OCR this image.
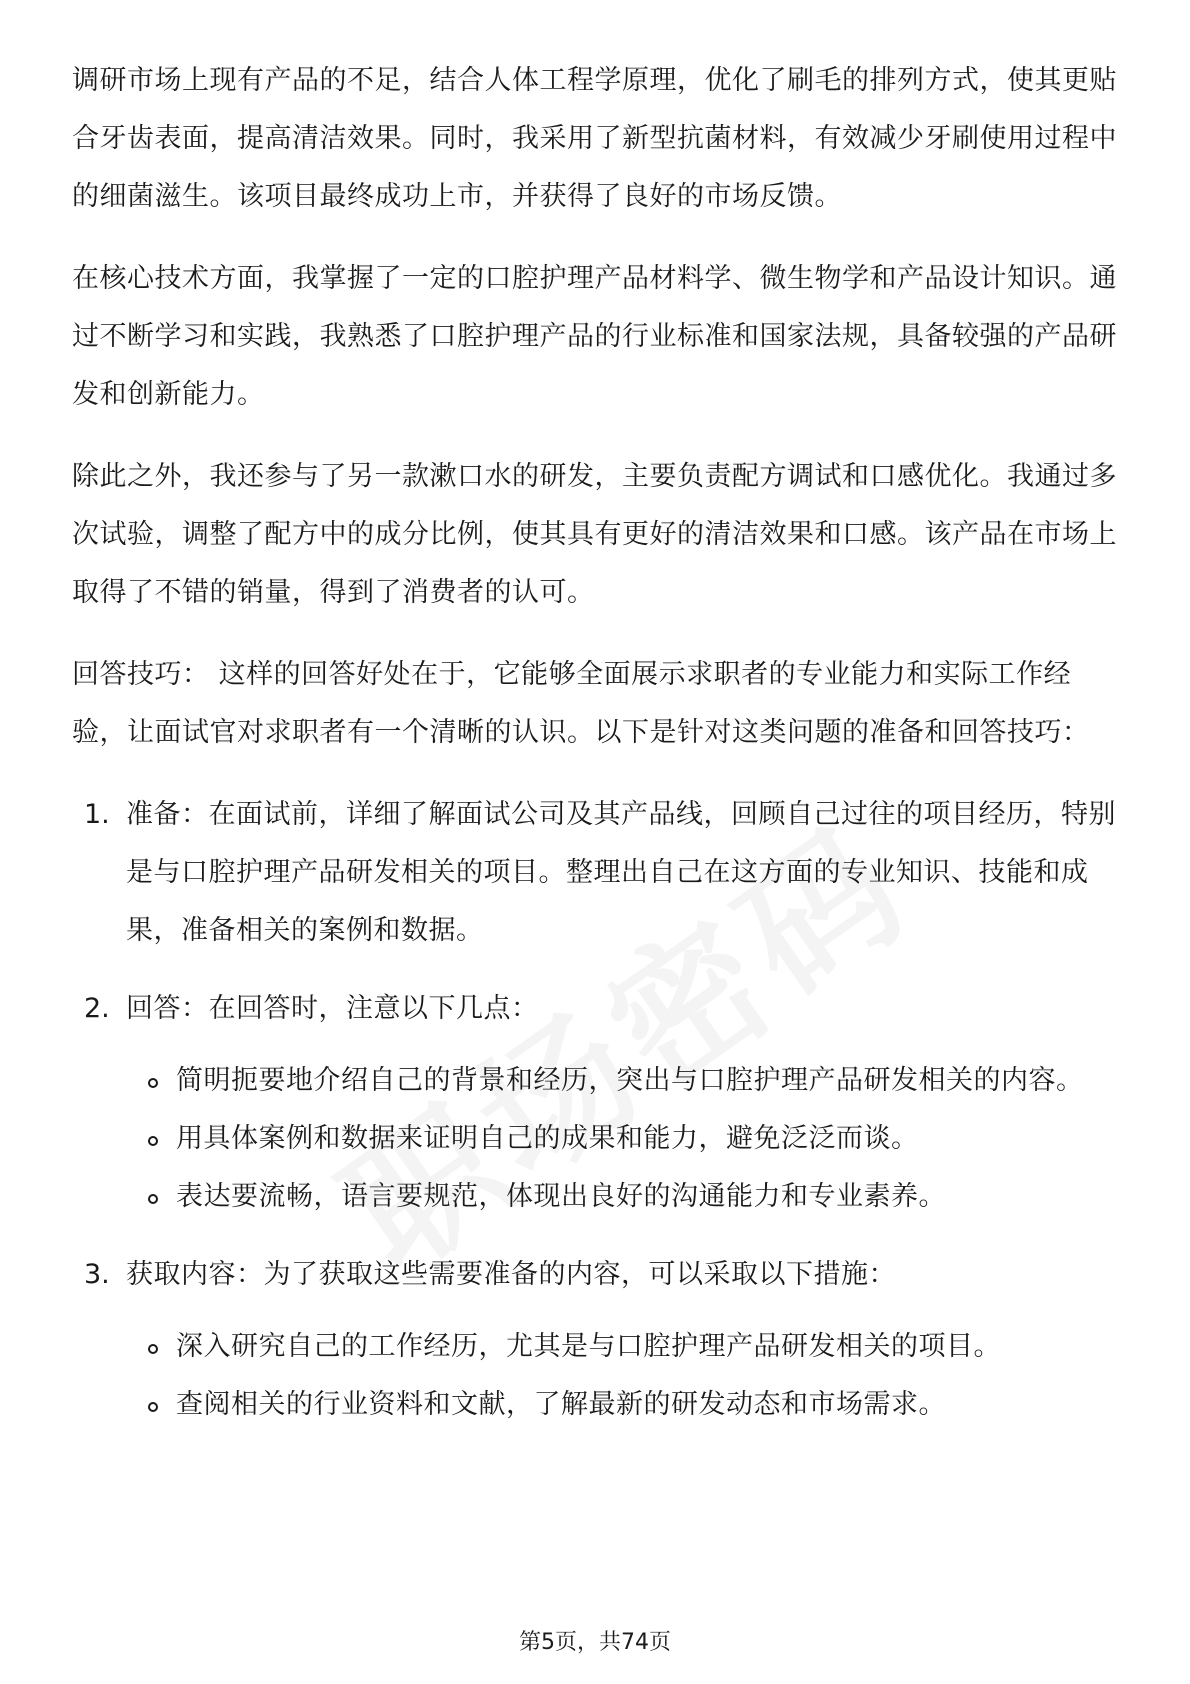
调研市场上现有产品的不足，结合人体工程学原理，优化了刷毛的排列方式，使其更贴合牙齿表面，提高清洁效果。同时，我采用了新型抗菌材料，有效减少牙刷使用过程中的细菌滋生。该项目最终成功上市，并获得了良好的市场反馈。

在核心技术方面，我掌握了一定的口腔护理产品材料学、微生物学和产品设计知识。通过不断学习和实践，我熟悉了口腔护理产品的行业标准和国家法规，具备较强的产品研发和创新能力。

除此之外，我还参与了另一款漱口水的研发，主要负责配方调试和口感优化。我通过多次试验，调整了配方中的成分比例，使其具有更好的清洁效果和口感。该产品在市场上取得了不错的销量，得到了消费者的认可。

回答技巧： 这样的回答好处在于，它能够全面展示求职者的专业能力和实际工作经验，让面试官对求职者有一个清晰的认识。以下是针对这类问题的准备和回答技巧：

1. 准备：在面试前，详细了解面试公司及其产品线，回顾自己过往的项目经历，特别是与口腔护理产品研发相关的项目。整理出自己在这方面的专业知识、技能和成果，准备相关的案例和数据。
2. 回答：在回答时，注意以下几点：
简明扼要地介绍自己的背景和经历，突出与口腔护理产品研发相关的内容。
用具体案例和数据来证明自己的成果和能力，避免泛泛而谈。
表达要流畅，语言要规范，体现出良好的沟通能力和专业素养。
3. 获取内容：为了获取这些需要准备的内容，可以采取以下措施：
深入研究自己的工作经历，尤其是与口腔护理产品研发相关的项目。
查阅相关的行业资料和文献，了解最新的研发动态和市场需求。
第5页，共74页
